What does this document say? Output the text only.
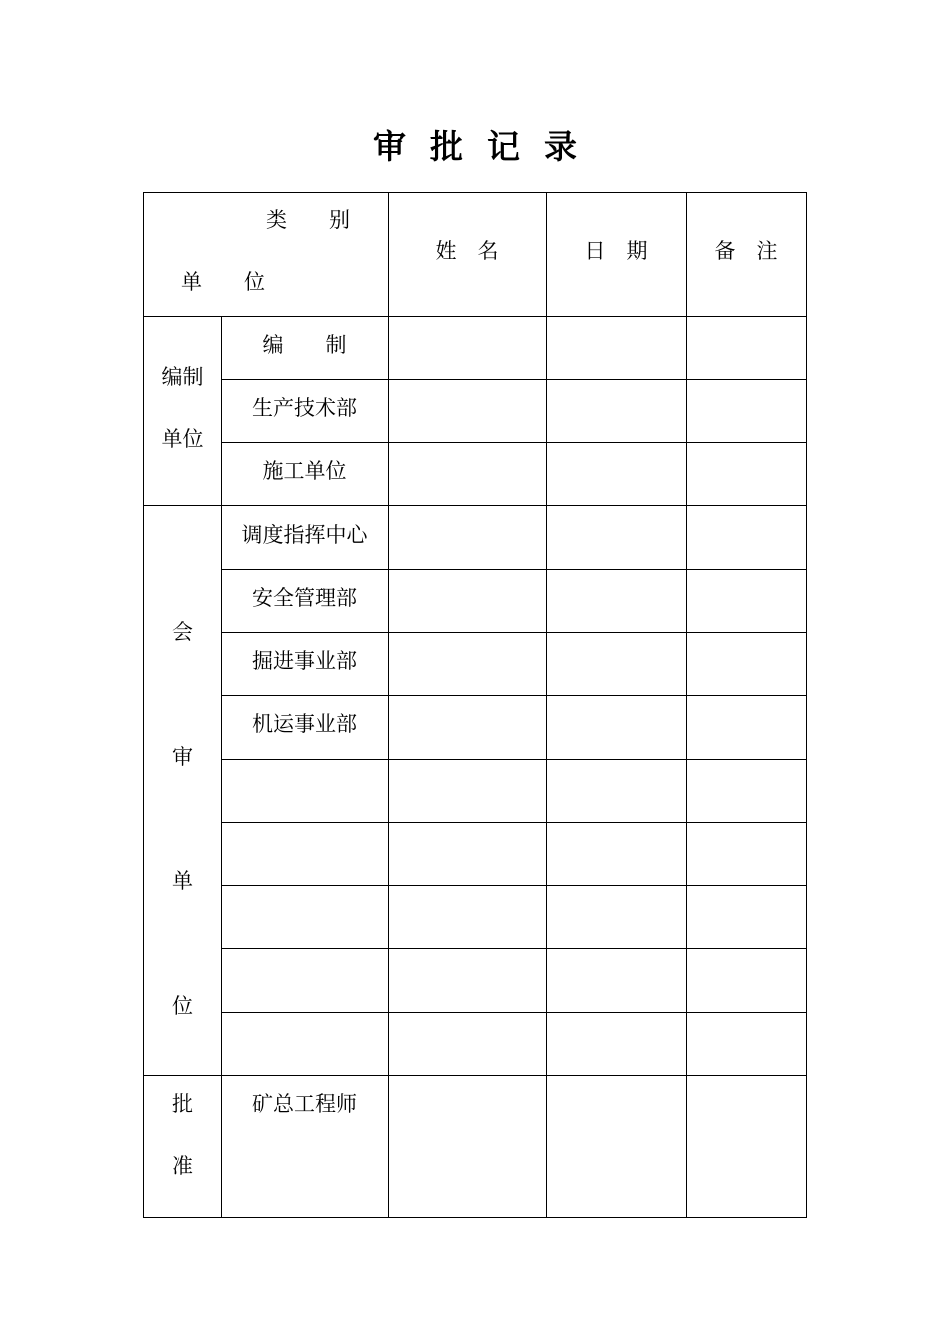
审 批 记 录
类　　别
单　　位
姓　名	日　期	备　注
编制
单位
编　　制
生产技术部
施工单位
会
审
单
位
调度指挥中心
安全管理部
掘进事业部
机运事业部
批
准
矿总工程师
